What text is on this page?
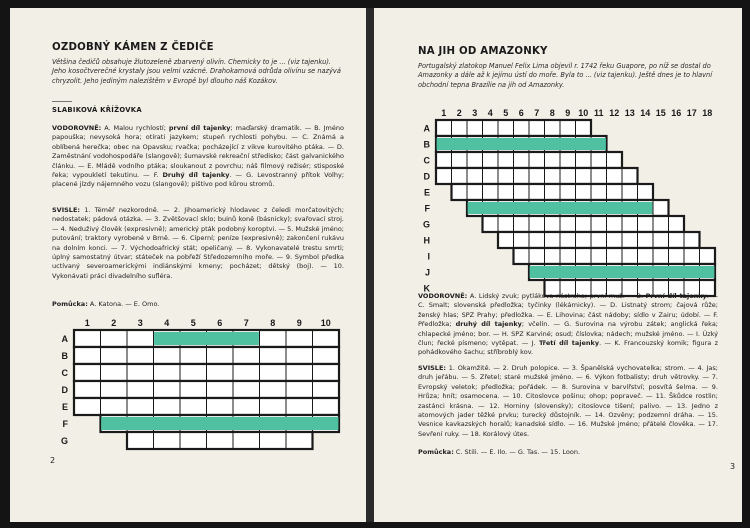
OZDOBNÝ KÁMEN Z ČEDIČE
Většina čedičů obsahuje žlutozeleně zbarvený olivín. Chemicky to je ... (viz tajenku). Jeho kosočtverečné krystaly jsou velmi vzácné. Drahokamová odrůda olivínu se nazývá chryzolit. Jeho jediným nalezištěm v Evropě byl dlouho náš Kozákov.
SLABIKOVÁ KŘÍŽOVKA
VODOROVNĚ: A. Malou rychlostí; první díl tajenky; maďarský dramatik. — B. Jméno papouška; nevysoká hora; otírati jazykem; stupeň rychlosti pohybu. — C. Známá a oblíbená herečka; obec na Opavsku; rvačka; pocházející z vikve kurovitého ptáka. — D. Zaměstnání vodohospodáře (slangově); šumavské rekreační středisko; část galvanického článku. — E. Mládě vodního ptáka; sloukanout z povrchu; náš filmový režisér; stisposké řeka; vypoukletí tekutinu. — F. Druhý díl tajenky. — G. Levostranný přítok Volhy; placené jízdy nájemného vozu (slangově); pištivo pod kůrou stromů.
SVISLE: 1. Téměř nezkorodně. — 2. Jihoamerický hlodavec z čeledi morčatovitých; nedostatek; pádová otázka. — 3. Zvětšovací sklo; buinů koně (básnicky); svařovací stroj. — 4. Neduživý člověk (expresivně); americký pták podobný koroptvi. — 5. Mužské jméno; putování; traktory vyrobené v Brně. — 6. Cíperní; peníze (expresivně); zakončení rukávu na dolním konci. — 7. Východoafrický stát; opeličaný. — 8. Vykonavatelé trestu smrti; úplný samostatný útvar; státeček na pobřeží Středozemního moře. — 9. Symbol předka uctívaný severoamerickými indiánskými kmeny; pocházet; dětský (boj). — 10. Vykonávati práci divadelního sufléra.
Pomůcka: A. Katona. — E. Omo.
1 2 3 4 5 6 7 8 9 10
A
B
C
D
E
F
G
2
NA JIH OD AMAZONKY
Portugalský zlatokop Manuel Felix Lima objevil r. 1742 řeku Guapore, po níž se dostal do Amazonky a dále až k jejímu ústí do moře. Byla to ... (viz tajenku). Ještě dnes je to hlavní obchodní tepna Brazílie na jih od Amazonky.
1 2 3 4 5 6 7 8 9 10 11 12 13 14 15 16 17 18
A
B
C
D
E
F
G
H
I
J
K
VODOROVNĚ: A. Lidský zvuk; pytlákova nástraha; první muž. — B. První díl tajenky. — C. Smalt; slovenská předložka; tyčinky (lékárnicky). — D. Listnatý strom; čajová růže; ženský hlas; SPZ Prahy; předložka. — E. Lihovina; část nádoby; sídlo v Zairu; údobí. — F. Předložka; druhý díl tajenky; včelín. — G. Surovina na výrobu zátek; anglická řeka; chlapecké jméno; bor. — H. SPZ Karviné; osud; číslovka; nádech; mužské jméno. — I. Úzký člun; řecké písmeno; vytěpat. — J. Třetí díl tajenky. — K. Francouzský komik; figura z pohádkového šachu; stříbroblý kov.
SVISLE: 1. Okamžitě. — 2. Druh polopice. — 3. Španělská vychovatelka; strom. — 4. Jas; druh jeřábu. — 5. Zřetel; staré mužské jméno. — 6. Výkon fotbalisty; druh větrovky. — 7. Evropský veletok; předložka; pořádek. — 8. Surovina v barvířství; posvítá šelma. — 9. Hrůza; hnít; osamocena. — 10. Citoslovce pošinu; ohop; popraveč. — 11. Škůdce rostlin; zastánci krásna. — 12. Horniny (slovensky); citoslovce tišení; palivo. — 13. Jedno z atomových jader těžké prvku; turecký důstojník. — 14. Ozvěny; podzemní dráha. — 15. Vesnice kavkazských horalů; kanadské sídlo. — 16. Mužské jméno; přátelé člověka. — 17. Sevření ruky. — 18. Korálový útes.
Pomůcka: C. Stili. — E. Ilo. — G. Tas. — 15. Loon.
3
